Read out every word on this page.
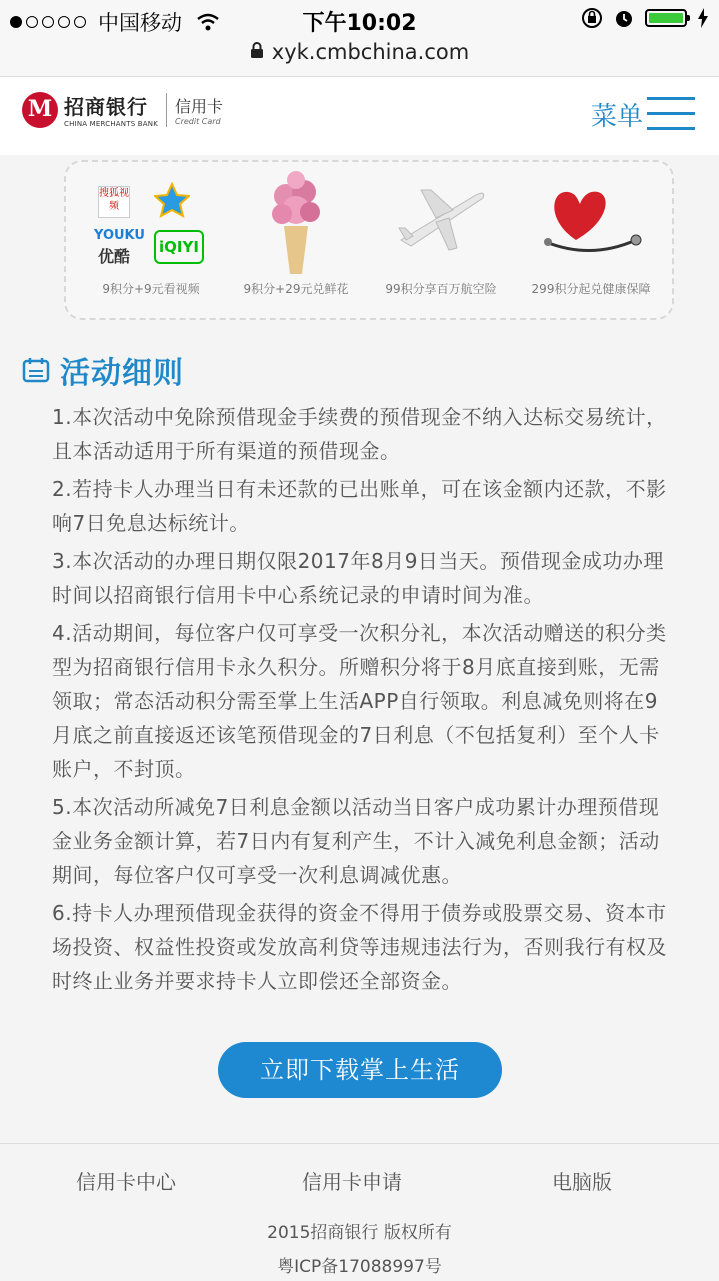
中国移动	下午10:02
xyk.cmbchina.com
M
招商银行
CHINA MERCHANTS BANK
信用卡
Credit Card	菜单
搜狐视频
YOUKU
优酷	iQIYI
9积分+9元看视频	9积分+29元兑鲜花	99积分享百万航空险	299积分起兑健康保障
活动细则
1.本次活动中免除预借现金手续费的预借现金不纳入达标交易统计，且本活动适用于所有渠道的预借现金。
2.若持卡人办理当日有未还款的已出账单，可在该金额内还款，不影响7日免息达标统计。
3.本次活动的办理日期仅限2017年8月9日当天。预借现金成功办理时间以招商银行信用卡中心系统记录的申请时间为准。
4.活动期间，每位客户仅可享受一次积分礼，本次活动赠送的积分类型为招商银行信用卡永久积分。所赠积分将于8月底直接到账，无需领取；常态活动积分需至掌上生活APP自行领取。利息减免则将在9月底之前直接返还该笔预借现金的7日利息（不包括复利）至个人卡账户，不封顶。
5.本次活动所减免7日利息金额以活动当日客户成功累计办理预借现金业务金额计算，若7日内有复利产生，不计入减免利息金额；活动期间，每位客户仅可享受一次利息调减优惠。
6.持卡人办理预借现金获得的资金不得用于债券或股票交易、资本市场投资、权益性投资或发放高利贷等违规违法行为，否则我行有权及时终止业务并要求持卡人立即偿还全部资金。
立即下载掌上生活
信用卡中心	信用卡申请	电脑版
2015招商银行 版权所有
粤ICP备17088997号
